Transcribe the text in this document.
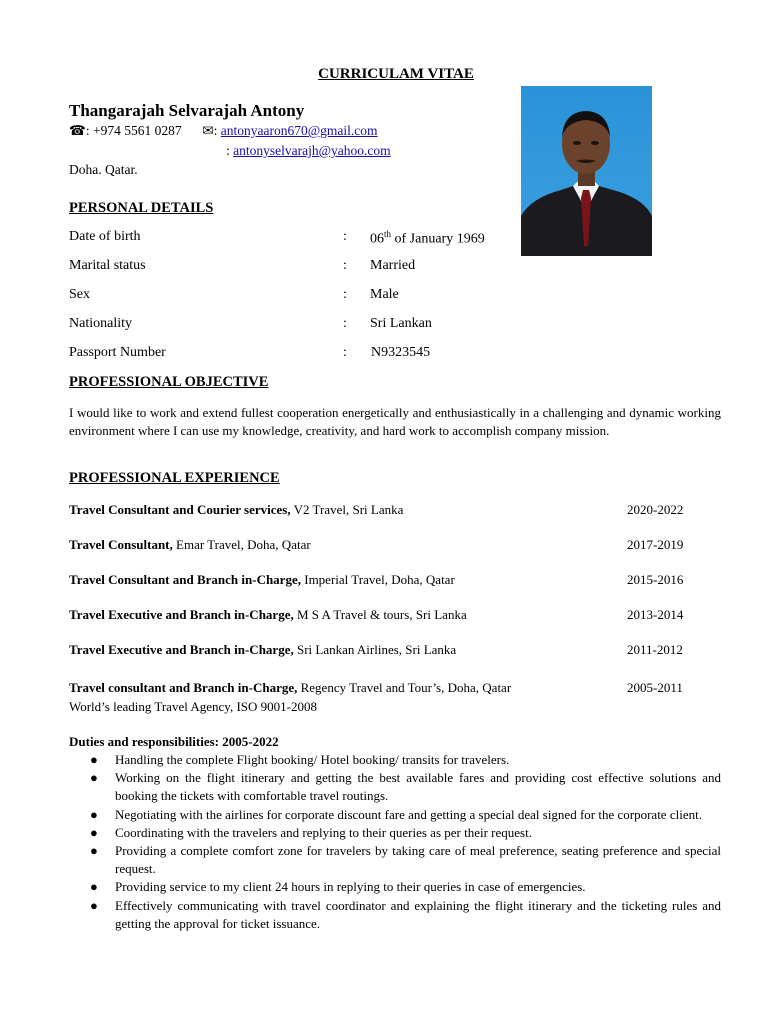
CURRICULAM VITAE
Thangarajah Selvarajah Antony
☎: +974 5561 0287 ✉: antonyaaron670@gmail.com
: antonyselvarajh@yahoo.com
Doha. Qatar.
PERSONAL DETAILS
Date of birth	: 06th of January 1969
Marital status	: Married
Sex	: Male
Nationality	: Sri Lankan
Passport Number	: N9323545
PROFESSIONAL OBJECTIVE
I would like to work and extend fullest cooperation energetically and enthusiastically in a challenging and dynamic working environment where I can use my knowledge, creativity, and hard work to accomplish company mission.
PROFESSIONAL EXPERIENCE
Travel Consultant and Courier services, V2 Travel, Sri Lanka	2020-2022
Travel Consultant, Emar Travel, Doha, Qatar	2017-2019
Travel Consultant and Branch in-Charge, Imperial Travel, Doha, Qatar	2015-2016
Travel Executive and Branch in-Charge, M S A Travel & tours, Sri Lanka	2013-2014
Travel Executive and Branch in-Charge, Sri Lankan Airlines, Sri Lanka	2011-2012
Travel consultant and Branch in-Charge, Regency Travel and Tour’s, Doha, Qatar	2005-2011
World’s leading Travel Agency, ISO 9001-2008
Duties and responsibilities: 2005-2022
● Handling the complete Flight booking/ Hotel booking/ transits for travelers.
● Working on the flight itinerary and getting the best available fares and providing cost effective solutions and booking the tickets with comfortable travel routings.
● Negotiating with the airlines for corporate discount fare and getting a special deal signed for the corporate client.
● Coordinating with the travelers and replying to their queries as per their request.
● Providing a complete comfort zone for travelers by taking care of meal preference, seating preference and special request.
● Providing service to my client 24 hours in replying to their queries in case of emergencies.
● Effectively communicating with travel coordinator and explaining the flight itinerary and the ticketing rules and getting the approval for ticket issuance.
